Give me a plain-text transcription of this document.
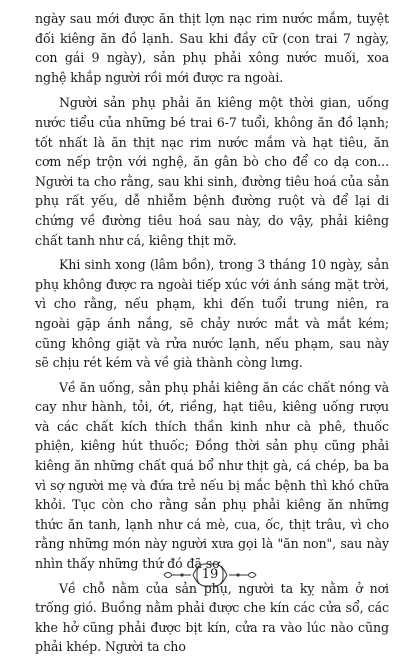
ngày sau mới được ăn thịt lợn nạc rim nước mắm, tuyệt đối kiêng ăn đồ lạnh. Sau khi đầy cữ (con trai 7 ngày, con gái 9 ngày), sản phụ phải xông nước muối, xoa nghệ khắp người rồi mới được ra ngoài.

Người sản phụ phải ăn kiêng một thời gian, uống nước tiểu của những bé trai 6-7 tuổi, không ăn đồ lạnh; tốt nhất là ăn thịt nạc rim nước mắm và hạt tiêu, ăn cơm nếp trộn với nghệ, ăn gân bò cho để co dạ con... Người ta cho rằng, sau khi sinh, đường tiêu hoá của sản phụ rất yếu, dễ nhiễm bệnh đường ruột và để lại di chứng về đường tiêu hoá sau này, do vậy, phải kiêng chất tanh như cá, kiêng thịt mỡ.

Khi sinh xong (lâm bồn), trong 3 tháng 10 ngày, sản phụ không được ra ngoài tiếp xúc với ánh sáng mặt trời, vì cho rằng, nếu phạm, khi đến tuổi trung niên, ra ngoài gặp ánh nắng, sẽ chảy nước mắt và mắt kém; cũng không giặt và rửa nước lạnh, nếu phạm, sau này sẽ chịu rét kém và về già thành còng lưng.

Về ăn uống, sản phụ phải kiêng ăn các chất nóng và cay như hành, tỏi, ớt, riềng, hạt tiêu, kiêng uống rượu và các chất kích thích thần kinh như cà phê, thuốc phiện, kiêng hút thuốc; Đồng thời sản phụ cũng phải kiêng ăn những chất quá bổ như thịt gà, cá chép, ba ba vì sợ người mẹ và đứa trẻ nếu bị mắc bệnh thì khó chữa khỏi. Tục còn cho rằng sản phụ phải kiêng ăn những thức ăn tanh, lạnh như cá mè, cua, ốc, thịt trâu, vì cho rằng những món này người xưa gọi là "ăn non", sau này nhìn thấy những thứ đó đã sợ.

Về chỗ nằm của sản phụ, người ta kỵ nằm ở nơi trống gió. Buồng nằm phải được che kín các cửa sổ, các khe hở cũng phải được bịt kín, cửa ra vào lúc nào cũng phải khép. Người ta cho

19
